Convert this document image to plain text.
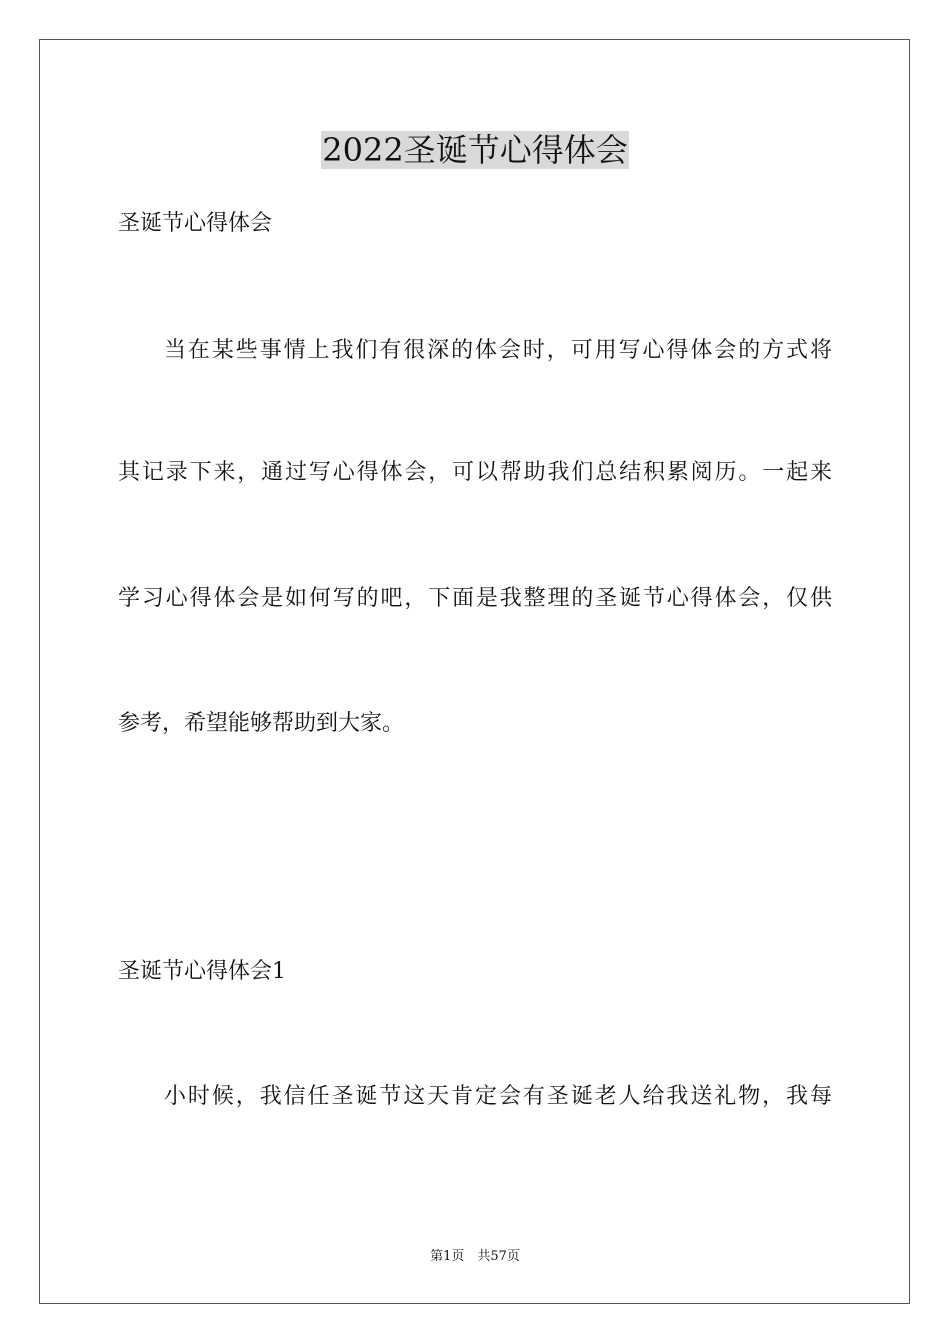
2022圣诞节心得体会
圣诞节心得体会
当在某些事情上我们有很深的体会时，可用写心得体会的方式将
其记录下来，通过写心得体会，可以帮助我们总结积累阅历。一起来
学习心得体会是如何写的吧，下面是我整理的圣诞节心得体会，仅供
参考，希望能够帮助到大家。
圣诞节心得体会1
小时候，我信任圣诞节这天肯定会有圣诞老人给我送礼物，我每
第1页　共57页
